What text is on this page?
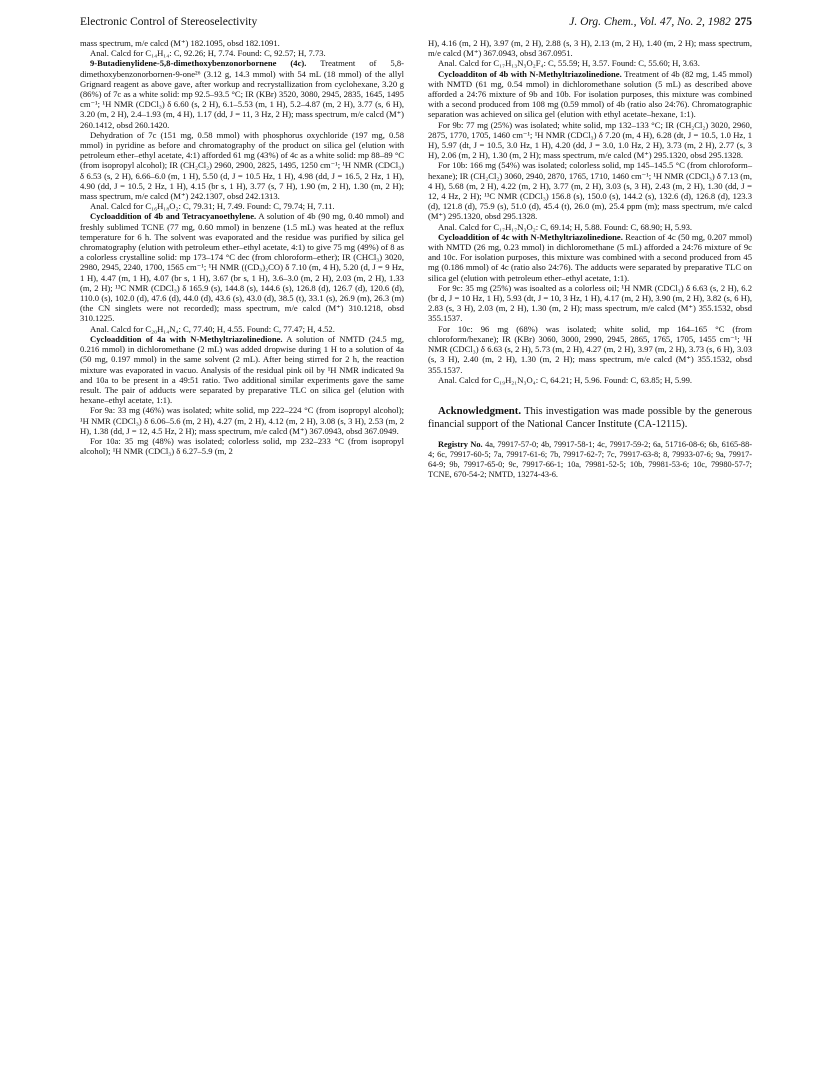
Electronic Control of Stereoselectivity	J. Org. Chem., Vol. 47, No. 2, 1982 275

mass spectrum, m/e calcd (M⁺) 182.1095, obsd 182.1091.

Anal. Calcd for C₁₄H₁₄: C, 92.26; H, 7.74. Found: C, 92.57; H, 7.73.

9-Butadienylidene-5,8-dimethoxybenzonorbornene (4c). Treatment of 5,8-dimethoxybenzonorbornen-9-one²⁶ (3.12 g, 14.3 mmol) with 54 mL (18 mmol) of the allyl Grignard reagent as above gave, after workup and recrystallization from cyclohexane, 3.20 g (86%) of 7c as a white solid: mp 92.5–93.5 °C; IR (KBr) 3520, 3080, 2945, 2835, 1645, 1495 cm⁻¹; ¹H NMR (CDCl₃) δ 6.60 (s, 2 H), 6.1–5.53 (m, 1 H), 5.2–4.87 (m, 2 H), 3.77 (s, 6 H), 3.20 (m, 2 H), 2.4–1.93 (m, 4 H), 1.17 (dd, J = 11, 3 Hz, 2 H); mass spectrum, m/e calcd (M⁺) 260.1412, obsd 260.1420.

Dehydration of 7c (151 mg, 0.58 mmol) with phosphorus oxychloride (197 mg, 0.58 mmol) in pyridine as before and chromatography of the product on silica gel (elution with petroleum ether–ethyl acetate, 4:1) afforded 61 mg (43%) of 4c as a white solid: mp 88–89 °C (from isopropyl alcohol); IR (CH₂Cl₂) 2960, 2900, 2825, 1495, 1250 cm⁻¹; ¹H NMR (CDCl₃) δ 6.53 (s, 2 H), 6.66–6.0 (m, 1 H), 5.50 (d, J = 10.5 Hz, 1 H), 4.98 (dd, J = 16.5, 2 Hz, 1 H), 4.90 (dd, J = 10.5, 2 Hz, 1 H), 4.15 (br s, 1 H), 3.77 (s, 7 H), 1.90 (m, 2 H), 1.30 (m, 2 H); mass spectrum, m/e calcd (M⁺) 242.1307, obsd 242.1313.

Anal. Calcd for C₁₆H₁₈O₂: C, 79.31; H, 7.49. Found: C, 79.74; H, 7.11.

Cycloaddition of 4b and Tetracyanoethylene. A solution of 4b (90 mg, 0.40 mmol) and freshly sublimed TCNE (77 mg, 0.60 mmol) in benzene (1.5 mL) was heated at the reflux temperature for 6 h. The solvent was evaporated and the residue was purified by silica gel chromatography (elution with petroleum ether–ethyl acetate, 4:1) to give 75 mg (49%) of 8 as a colorless crystalline solid: mp 173–174 °C dec (from chloroform–ether); IR (CHCl₃) 3020, 2980, 2945, 2240, 1700, 1565 cm⁻¹; ¹H NMR ((CD₃)₂CO) δ 7.10 (m, 4 H), 5.20 (d, J = 9 Hz, 1 H), 4.47 (m, 1 H), 4.07 (br s, 1 H), 3.67 (br s, 1 H), 3.6–3.0 (m, 2 H), 2.03 (m, 2 H), 1.33 (m, 2 H); ¹³C NMR (CDCl₃) δ 165.9 (s), 144.8 (s), 144.6 (s), 126.8 (d), 126.7 (d), 120.6 (d), 110.0 (s), 102.0 (d), 47.6 (d), 44.0 (d), 43.6 (s), 43.0 (d), 38.5 (t), 33.1 (s), 26.9 (m), 26.3 (m) (the CN singlets were not recorded); mass spectrum, m/e calcd (M⁺) 310.1218, obsd 310.1225.

Anal. Calcd for C₂₀H₁₄N₄: C, 77.40; H, 4.55. Found: C, 77.47; H, 4.52.

Cycloaddition of 4a with N-Methyltriazolinedione. A solution of NMTD (24.5 mg, 0.216 mmol) in dichloromethane (2 mL) was added dropwise during 1 H to a solution of 4a (50 mg, 0.197 mmol) in the same solvent (2 mL). After being stirred for 2 h, the reaction mixture was evaporated in vacuo. Analysis of the residual pink oil by ¹H NMR indicated 9a and 10a to be present in a 49:51 ratio. Two additional similar experiments gave the same result. The pair of adducts were separated by preparative TLC on silica gel (elution with hexane–ethyl acetate, 1:1).

For 9a: 33 mg (46%) was isolated; white solid, mp 222–224 °C (from isopropyl alcohol); ¹H NMR (CDCl₃) δ 6.06–5.6 (m, 2 H), 4.27 (m, 2 H), 4.12 (m, 2 H), 3.08 (s, 3 H), 2.53 (m, 2 H), 1.38 (dd, J = 12, 4.5 Hz, 2 H); mass spectrum, m/e calcd (M⁺) 367.0943, obsd 367.0949.

For 10a: 35 mg (48%) was isolated; colorless solid, mp 232–233 °C (from isopropyl alcohol); ¹H NMR (CDCl₃) δ 6.27–5.9 (m, 2

H), 4.16 (m, 2 H), 3.97 (m, 2 H), 2.88 (s, 3 H), 2.13 (m, 2 H), 1.40 (m, 2 H); mass spectrum, m/e calcd (M⁺) 367.0943, obsd 367.0951.

Anal. Calcd for C₁₇H₁₃N₃O₂F₄: C, 55.59; H, 3.57. Found: C, 55.60; H, 3.63.

Cycloadditon of 4b with N-Methyltriazolinedione. Treatment of 4b (82 mg, 1.45 mmol) with NMTD (61 mg, 0.54 mmol) in dichloromethane solution (5 mL) as described above afforded a 24:76 mixture of 9b and 10b. For isolation purposes, this mixture was combined with a second produced from 108 mg (0.59 mmol) of 4b (ratio also 24:76). Chromatographic separation was achieved on silica gel (elution with ethyl acetate–hexane, 1:1).

For 9b: 77 mg (25%) was isolated; white solid, mp 132–133 °C; IR (CH₂Cl₂) 3020, 2960, 2875, 1770, 1705, 1460 cm⁻¹; ¹H NMR (CDCl₃) δ 7.20 (m, 4 H), 6.28 (dt, J = 10.5, 1.0 Hz, 1 H), 5.97 (dt, J = 10.5, 3.0 Hz, 1 H), 4.20 (dd, J = 3.0, 1.0 Hz, 2 H), 3.73 (m, 2 H), 2.77 (s, 3 H), 2.06 (m, 2 H), 1.30 (m, 2 H); mass spectrum, m/e calcd (M⁺) 295.1320, obsd 295.1328.

For 10b: 166 mg (54%) was isolated; colorless solid, mp 145–145.5 °C (from chloroform–hexane); IR (CH₂Cl₂) 3060, 2940, 2870, 1765, 1710, 1460 cm⁻¹; ¹H NMR (CDCl₃) δ 7.13 (m, 4 H), 5.68 (m, 2 H), 4.22 (m, 2 H), 3.77 (m, 2 H), 3.03 (s, 3 H), 2.43 (m, 2 H), 1.30 (dd, J = 12, 4 Hz, 2 H); ¹³C NMR (CDCl₃) 156.8 (s), 150.0 (s), 144.2 (s), 132.6 (d), 126.8 (d), 123.3 (d), 121.8 (d), 75.9 (s), 51.0 (d), 45.4 (t), 26.0 (m), 25.4 ppm (m); mass spectrum, m/e calcd (M⁺) 295.1320, obsd 295.1328.

Anal. Calcd for C₁₇H₁₇N₃O₂: C, 69.14; H, 5.88. Found: C, 68.90; H, 5.93.

Cycloaddition of 4c with N-Methyltriazolinedione. Reaction of 4c (50 mg, 0.207 mmol) with NMTD (26 mg, 0.23 mmol) in dichloromethane (5 mL) afforded a 24:76 mixture of 9c and 10c. For isolation purposes, this mixture was combined with a second produced from 45 mg (0.186 mmol) of 4c (ratio also 24:76). The adducts were separated by preparative TLC on silica gel (elution with petroleum ether–ethyl acetate, 1:1).

For 9c: 35 mg (25%) was isoalted as a colorless oil; ¹H NMR (CDCl₃) δ 6.63 (s, 2 H), 6.2 (br d, J = 10 Hz, 1 H), 5.93 (dt, J = 10, 3 Hz, 1 H), 4.17 (m, 2 H), 3.90 (m, 2 H), 3.82 (s, 6 H), 2.83 (s, 3 H), 2.03 (m, 2 H), 1.30 (m, 2 H); mass spectrum, m/e calcd (M⁺) 355.1532, obsd 355.1537.

For 10c: 96 mg (68%) was isolated; white solid, mp 164–165 °C (from chloroform/hexane); IR (KBr) 3060, 3000, 2990, 2945, 2865, 1765, 1705, 1455 cm⁻¹; ¹H NMR (CDCl₃) δ 6.63 (s, 2 H), 5.73 (m, 2 H), 4.27 (m, 2 H), 3.97 (m, 2 H), 3.73 (s, 6 H), 3.03 (s, 3 H), 2.40 (m, 2 H), 1.30 (m, 2 H); mass spectrum, m/e calcd (M⁺) 355.1532, obsd 355.1537.

Anal. Calcd for C₁₉H₂₁N₃O₄: C, 64.21; H, 5.96. Found: C, 63.85; H, 5.99.

Acknowledgment. This investigation was made possible by the generous financial support of the National Cancer Institute (CA-12115).

Registry No. 4a, 79917-57-0; 4b, 79917-58-1; 4c, 79917-59-2; 6a, 51716-08-6; 6b, 6165-88-4; 6c, 79917-60-5; 7a, 79917-61-6; 7b, 79917-62-7; 7c, 79917-63-8; 8, 79933-07-6; 9a, 79917-64-9; 9b, 79917-65-0; 9c, 79917-66-1; 10a, 79981-52-5; 10b, 79981-53-6; 10c, 79980-57-7; TCNE, 670-54-2; NMTD, 13274-43-6.
